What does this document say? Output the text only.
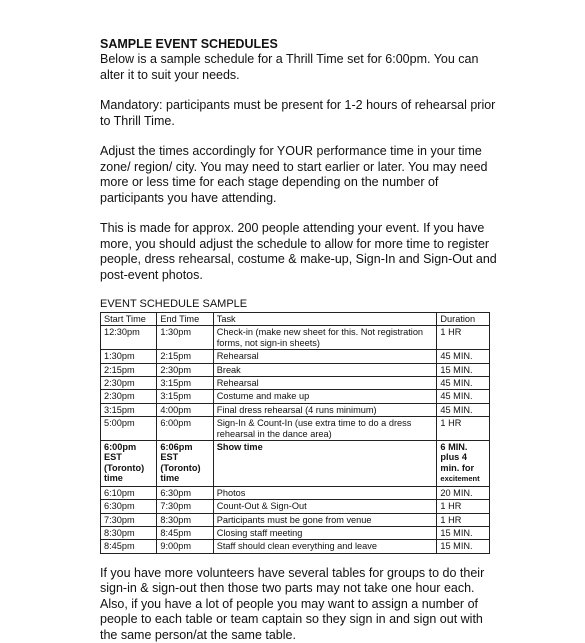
SAMPLE EVENT SCHEDULES

Below is a sample schedule for a Thrill Time set for 6:00pm. You can alter it to suit your needs.

Mandatory: participants must be present for 1-2 hours of rehearsal prior to Thrill Time.

Adjust the times accordingly for YOUR performance time in your time zone/ region/ city. You may need to start earlier or later. You may need more or less time for each stage depending on the number of participants you have attending.

This is made for approx. 200 people attending your event. If you have more, you should adjust the schedule to allow for more time to register people, dress rehearsal, costume & make-up, Sign-In and Sign-Out and post-event photos.

EVENT SCHEDULE SAMPLE

Start Time	End Time	Task	Duration
12:30pm	1:30pm	Check-in (make new sheet for this. Not registration forms, not sign-in sheets)	1 HR
1:30pm	2:15pm	Rehearsal	45 MIN.
2:15pm	2:30pm	Break	15 MIN.
2:30pm	3:15pm	Rehearsal	45 MIN.
2:30pm	3:15pm	Costume and make up	45 MIN.
3:15pm	4:00pm	Final dress rehearsal (4 runs minimum)	45 MIN.
5:00pm	6:00pm	Sign-In & Count-In (use extra time to do a dress rehearsal in the dance area)	1 HR
6:00pm EST (Toronto) time	6:06pm EST (Toronto) time	Show time	6 MIN. plus 4 min. for
excitement
6:10pm	6:30pm	Photos	20 MIN.
6:30pm	7:30pm	Count-Out & Sign-Out	1 HR
7:30pm	8:30pm	Participants must be gone from venue	1 HR
8:30pm	8:45pm	Closing staff meeting	15 MIN.
8:45pm	9:00pm	Staff should clean everything and leave	15 MIN.

If you have more volunteers have several tables for groups to do their sign-in & sign-out then those two parts may not take one hour each. Also, if you have a lot of people you may want to assign a number of people to each table or team captain so they sign in and sign out with the same person/at the same table.
